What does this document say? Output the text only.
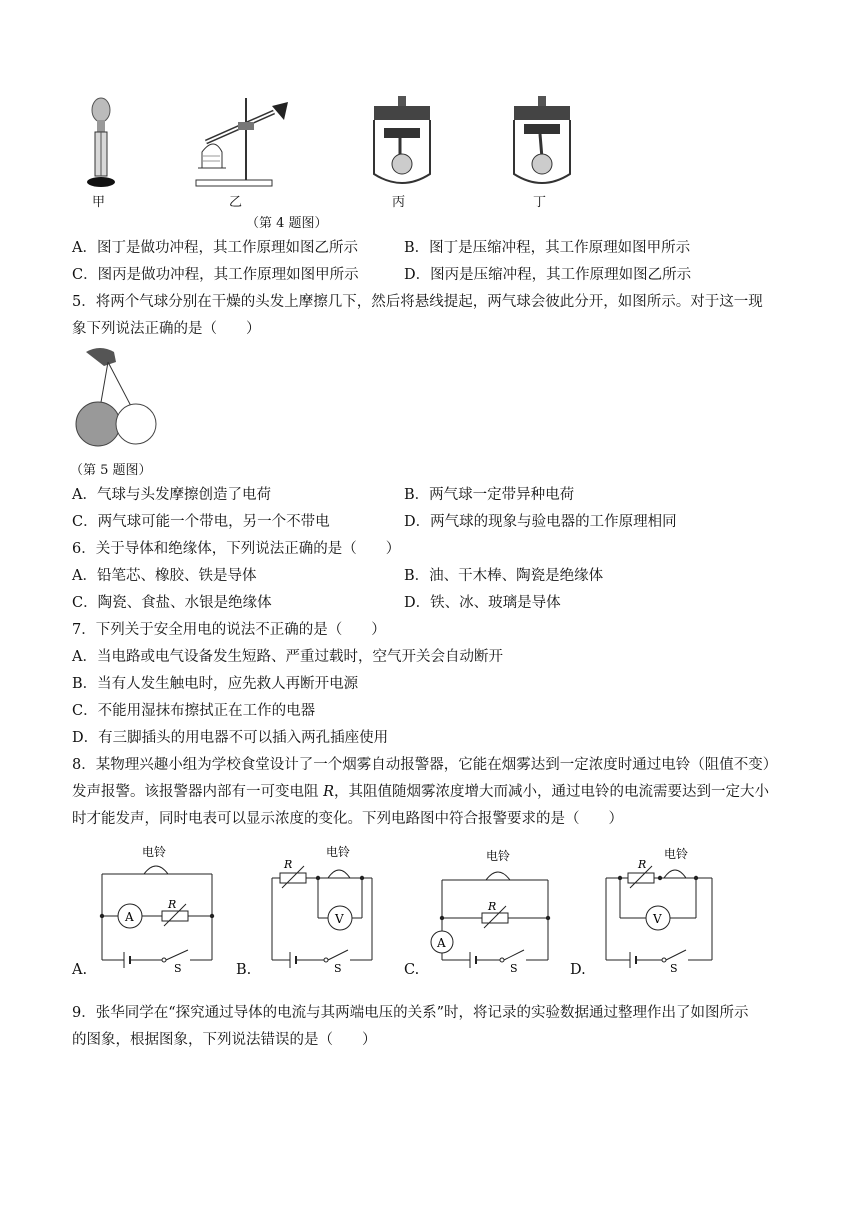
甲	乙	丙	丁
（第 4 题图）
A．图丁是做功冲程，其工作原理如图乙所示	B．图丁是压缩冲程，其工作原理如图甲所示
C．图丙是做功冲程，其工作原理如图甲所示	D．图丙是压缩冲程，其工作原理如图乙所示
5．将两个气球分别在干燥的头发上摩擦几下，然后将悬线提起，两气球会彼此分开，如图所示。对于这一现
象下列说法正确的是（　　）
（第 5 题图）
A．气球与头发摩擦创造了电荷	B．两气球一定带异种电荷
C．两气球可能一个带电，另一个不带电	D．两气球的现象与验电器的工作原理相同
6．关于导体和绝缘体，下列说法正确的是（　　）
A．铅笔芯、橡胶、铁是导体	B．油、干木棒、陶瓷是绝缘体
C．陶瓷、食盐、水银是绝缘体	D．铁、冰、玻璃是导体
7．下列关于安全用电的说法不正确的是（　　）
A．当电路或电气设备发生短路、严重过载时，空气开关会自动断开
B．当有人发生触电时，应先救人再断开电源
C．不能用湿抹布擦拭正在工作的电器
D．有三脚插头的用电器不可以插入两孔插座使用
8．某物理兴趣小组为学校食堂设计了一个烟雾自动报警器，它能在烟雾达到一定浓度时通过电铃（阻值不变）
发声报警。该报警器内部有一可变电阻 R，其阻值随烟雾浓度增大而减小，通过电铃的电流需要达到一定大小
时才能发声，同时电表可以显示浓度的变化。下列电路图中符合报警要求的是（　　）
电铃
A
R
S
A.
电铃
R
V
S
B.
电铃
R
A
S
C.
R
电铃
V
S
D.
9．张华同学在“探究通过导体的电流与其两端电压的关系”时，将记录的实验数据通过整理作出了如图所示
的图象，根据图象，下列说法错误的是（　　）
